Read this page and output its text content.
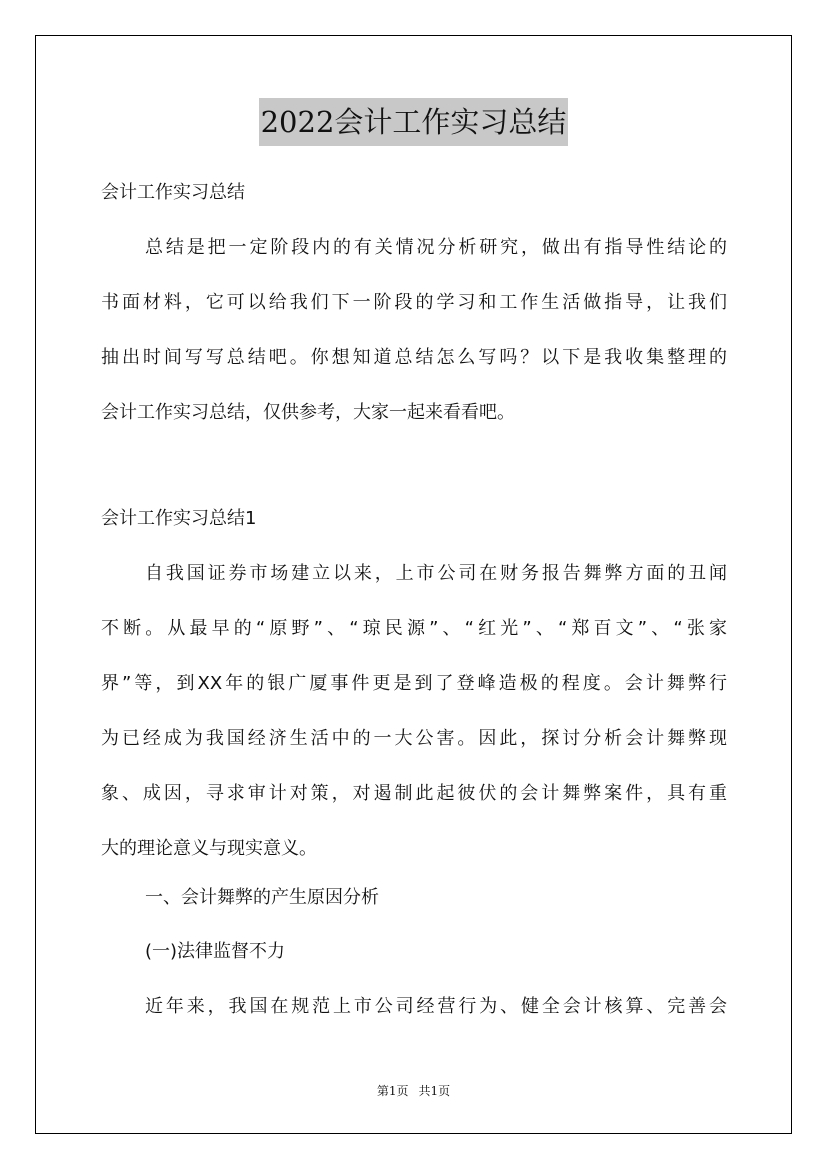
2022会计工作实习总结
会计工作实习总结
总结是把一定阶段内的有关情况分析研究，做出有指导性结论的
书面材料，它可以给我们下一阶段的学习和工作生活做指导，让我们
抽出时间写写总结吧。你想知道总结怎么写吗？以下是我收集整理的
会计工作实习总结，仅供参考，大家一起来看看吧。
会计工作实习总结1
自我国证券市场建立以来，上市公司在财务报告舞弊方面的丑闻
不断。从最早的“原野”、“琼民源”、“红光”、“郑百文”、“张家
界”等，到XX年的银广厦事件更是到了登峰造极的程度。会计舞弊行
为已经成为我国经济生活中的一大公害。因此，探讨分析会计舞弊现
象、成因，寻求审计对策，对遏制此起彼伏的会计舞弊案件，具有重
大的理论意义与现实意义。
一、会计舞弊的产生原因分析
(一)法律监督不力
近年来，我国在规范上市公司经营行为、健全会计核算、完善会
第1页 共1页
